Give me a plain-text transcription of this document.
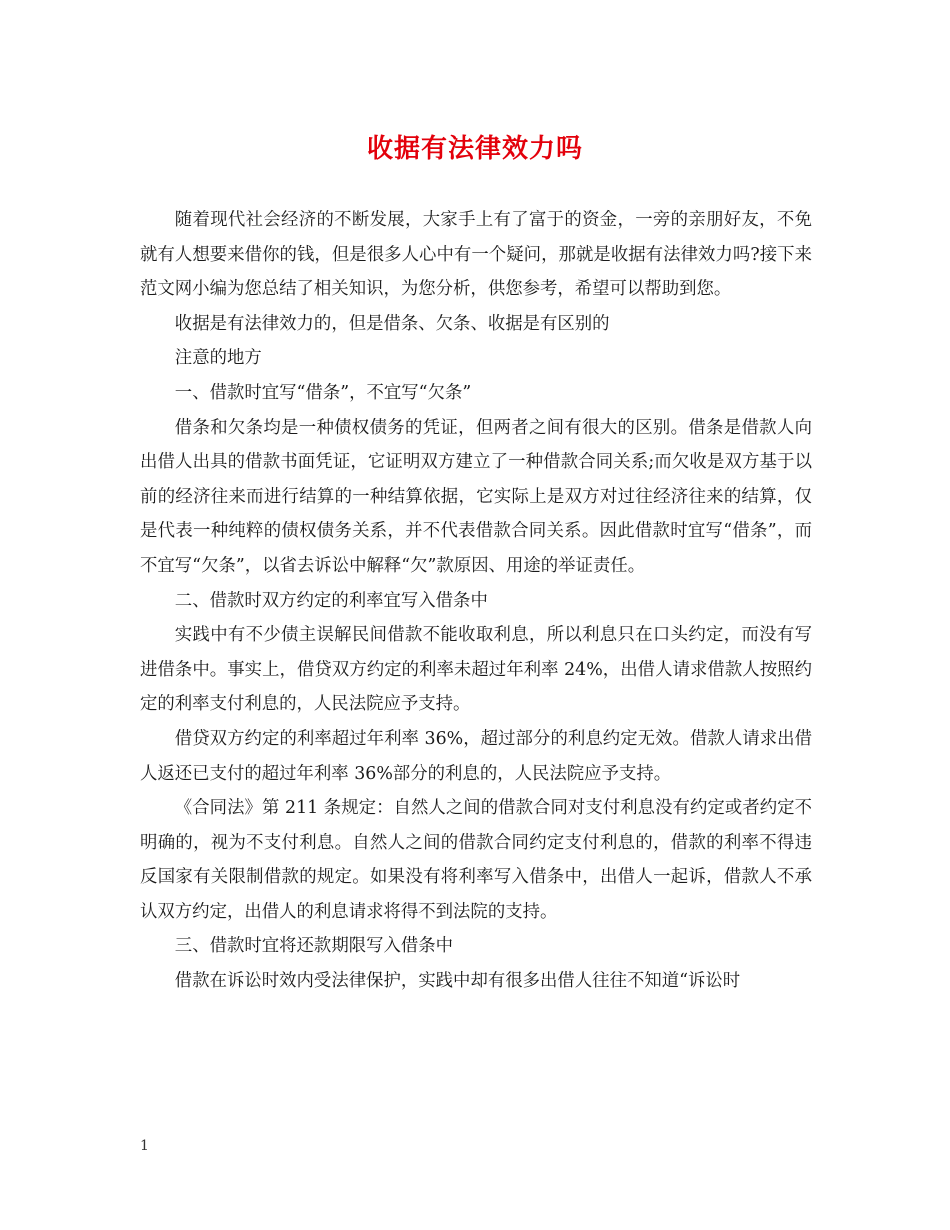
收据有法律效力吗

随着现代社会经济的不断发展，大家手上有了富于的资金，一旁的亲朋好友，不免就有人想要来借你的钱，但是很多人心中有一个疑问，那就是收据有法律效力吗?接下来范文网小编为您总结了相关知识，为您分析，供您参考，希望可以帮助到您。

收据是有法律效力的，但是借条、欠条、收据是有区别的

注意的地方

一、借款时宜写“借条”，不宜写“欠条”

借条和欠条均是一种债权债务的凭证，但两者之间有很大的区别。借条是借款人向出借人出具的借款书面凭证，它证明双方建立了一种借款合同关系;而欠收是双方基于以前的经济往来而进行结算的一种结算依据，它实际上是双方对过往经济往来的结算，仅是代表一种纯粹的债权债务关系，并不代表借款合同关系。因此借款时宜写“借条”，而不宜写“欠条”，以省去诉讼中解释“欠”款原因、用途的举证责任。

二、借款时双方约定的利率宜写入借条中

实践中有不少债主误解民间借款不能收取利息，所以利息只在口头约定，而没有写进借条中。事实上，借贷双方约定的利率未超过年利率 24%，出借人请求借款人按照约定的利率支付利息的，人民法院应予支持。

借贷双方约定的利率超过年利率 36%，超过部分的利息约定无效。借款人请求出借人返还已支付的超过年利率 36%部分的利息的，人民法院应予支持。

《合同法》第 211 条规定：自然人之间的借款合同对支付利息没有约定或者约定不明确的，视为不支付利息。自然人之间的借款合同约定支付利息的，借款的利率不得违反国家有关限制借款的规定。如果没有将利率写入借条中，出借人一起诉，借款人不承认双方约定，出借人的利息请求将得不到法院的支持。

三、借款时宜将还款期限写入借条中

借款在诉讼时效内受法律保护，实践中却有很多出借人往往不知道“诉讼时

1
